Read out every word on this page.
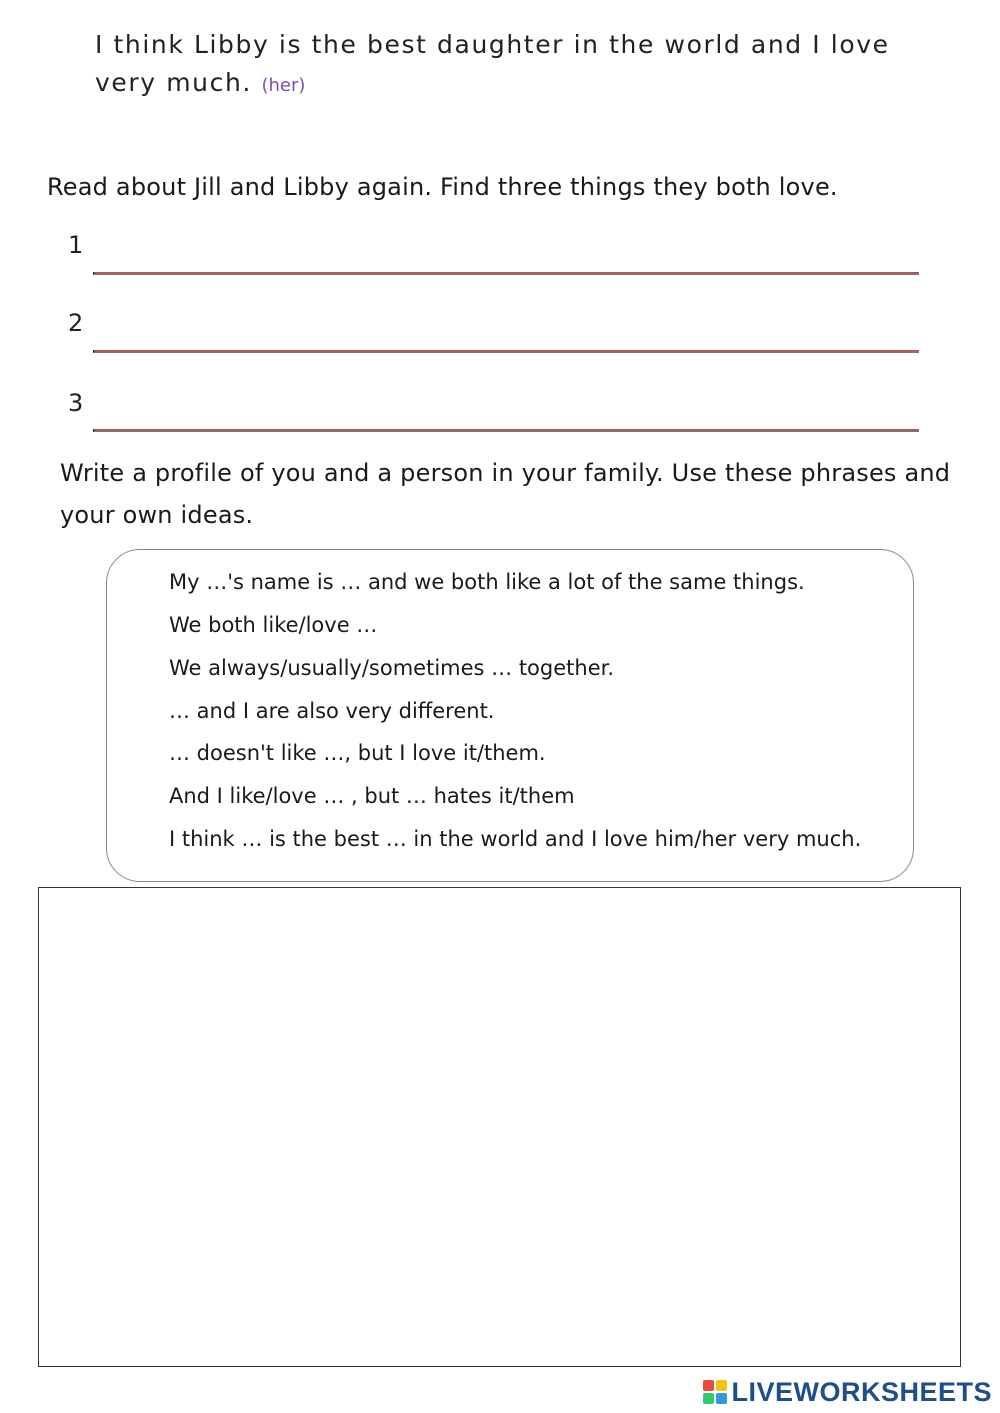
I think Libby is the best daughter in the world and I love
very much. (her)
Read about Jill and Libby again. Find three things they both love.
1
2
3
Write a profile of you and a person in your family. Use these phrases and
your own ideas.
My …'s name is … and we both like a lot of the same things.
We both like/love …
We always/usually/sometimes … together.
… and I are also very different.
… doesn't like …, but I love it/them.
And I like/love … , but … hates it/them
I think … is the best … in the world and I love him/her very much.
LIVEWORKSHEETS
